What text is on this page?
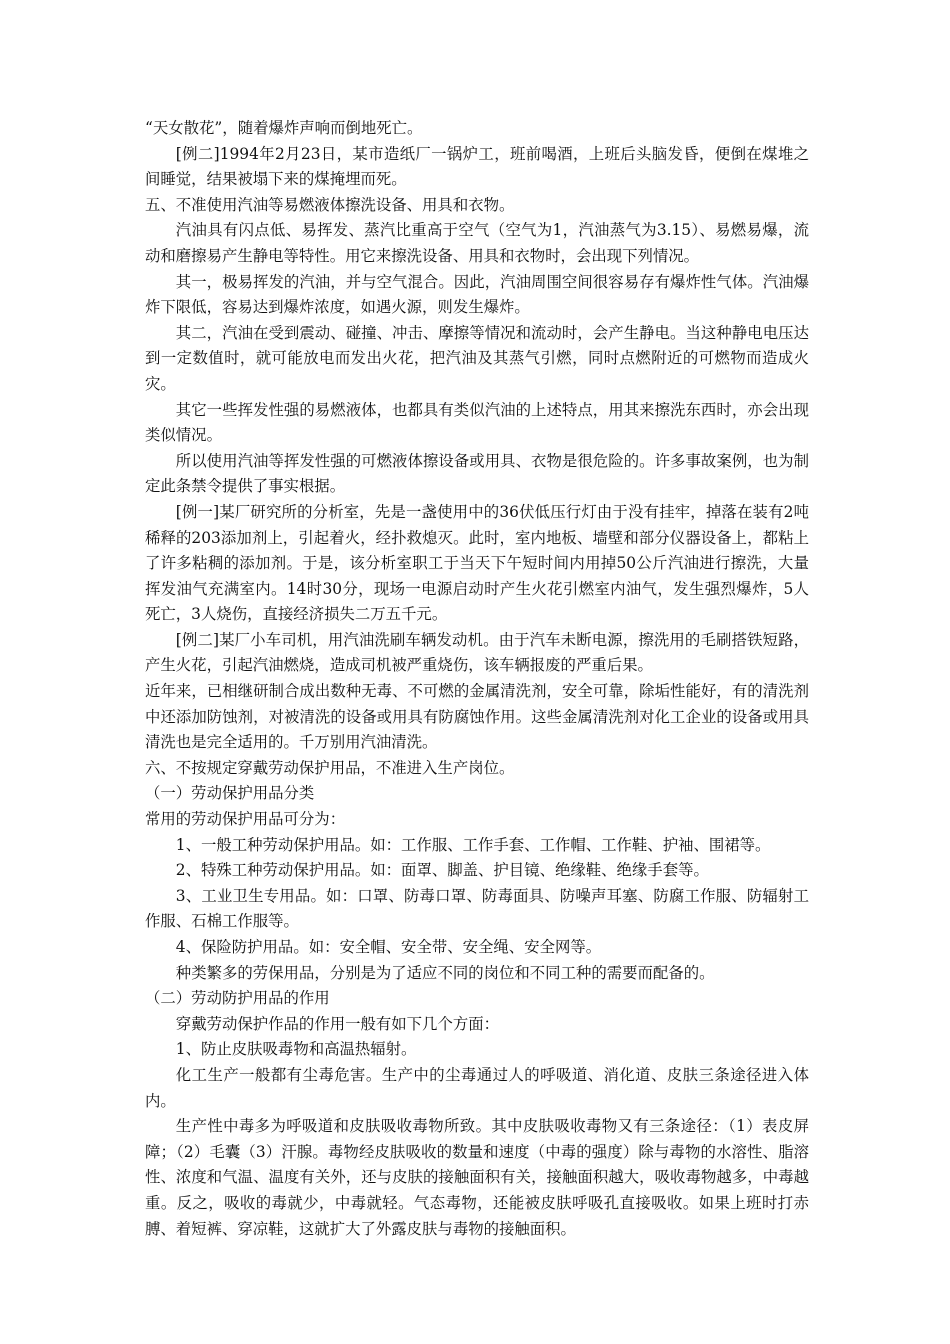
“天女散花”，随着爆炸声响而倒地死亡。

[例二]1994年2月23日，某市造纸厂一锅炉工，班前喝酒，上班后头脑发昏，便倒在煤堆之间睡觉，结果被塌下来的煤掩埋而死。

五、不准使用汽油等易燃液体擦洗设备、用具和衣物。

汽油具有闪点低、易挥发、蒸汽比重高于空气（空气为1，汽油蒸气为3.15）、易燃易爆，流动和磨擦易产生静电等特性。用它来擦洗设备、用具和衣物时，会出现下列情况。

其一，极易挥发的汽油，并与空气混合。因此，汽油周围空间很容易存有爆炸性气体。汽油爆炸下限低，容易达到爆炸浓度，如遇火源，则发生爆炸。

其二，汽油在受到震动、碰撞、冲击、摩擦等情况和流动时，会产生静电。当这种静电电压达到一定数值时，就可能放电而发出火花，把汽油及其蒸气引燃，同时点燃附近的可燃物而造成火灾。

其它一些挥发性强的易燃液体，也都具有类似汽油的上述特点，用其来擦洗东西时，亦会出现类似情况。

所以使用汽油等挥发性强的可燃液体擦设备或用具、衣物是很危险的。许多事故案例，也为制定此条禁令提供了事实根据。

[例一]某厂研究所的分析室，先是一盏使用中的36伏低压行灯由于没有挂牢，掉落在装有2吨稀释的203添加剂上，引起着火，经扑救熄灭。此时，室内地板、墙壁和部分仪器设备上，都粘上了许多粘稠的添加剂。于是，该分析室职工于当天下午短时间内用掉50公斤汽油进行擦洗，大量挥发油气充满室内。14时30分，现场一电源启动时产生火花引燃室内油气，发生强烈爆炸，5人死亡，3人烧伤，直接经济损失二万五千元。

[例二]某厂小车司机，用汽油洗刷车辆发动机。由于汽车未断电源，擦洗用的毛刷搭铁短路，产生火花，引起汽油燃烧，造成司机被严重烧伤，该车辆报废的严重后果。

近年来，已相继研制合成出数种无毒、不可燃的金属清洗剂，安全可靠，除垢性能好，有的清洗剂中还添加防蚀剂，对被清洗的设备或用具有防腐蚀作用。这些金属清洗剂对化工企业的设备或用具清洗也是完全适用的。千万别用汽油清洗。

六、不按规定穿戴劳动保护用品，不准进入生产岗位。

（一）劳动保护用品分类

常用的劳动保护用品可分为：

1、一般工种劳动保护用品。如：工作服、工作手套、工作帽、工作鞋、护袖、围裙等。

2、特殊工种劳动保护用品。如：面罩、脚盖、护目镜、绝缘鞋、绝缘手套等。

3、工业卫生专用品。如：口罩、防毒口罩、防毒面具、防噪声耳塞、防腐工作服、防辐射工作服、石棉工作服等。

4、保险防护用品。如：安全帽、安全带、安全绳、安全网等。

种类繁多的劳保用品，分别是为了适应不同的岗位和不同工种的需要而配备的。

（二）劳动防护用品的作用

穿戴劳动保护作品的作用一般有如下几个方面：

1、防止皮肤吸毒物和高温热辐射。

化工生产一般都有尘毒危害。生产中的尘毒通过人的呼吸道、消化道、皮肤三条途径进入体内。

生产性中毒多为呼吸道和皮肤吸收毒物所致。其中皮肤吸收毒物又有三条途径：（1）表皮屏障；（2）毛囊（3）汗腺。毒物经皮肤吸收的数量和速度（中毒的强度）除与毒物的水溶性、脂溶性、浓度和气温、温度有关外，还与皮肤的接触面积有关，接触面积越大，吸收毒物越多，中毒越重。反之，吸收的毒就少，中毒就轻。气态毒物，还能被皮肤呼吸孔直接吸收。如果上班时打赤膊、着短裤、穿凉鞋，这就扩大了外露皮肤与毒物的接触面积。
